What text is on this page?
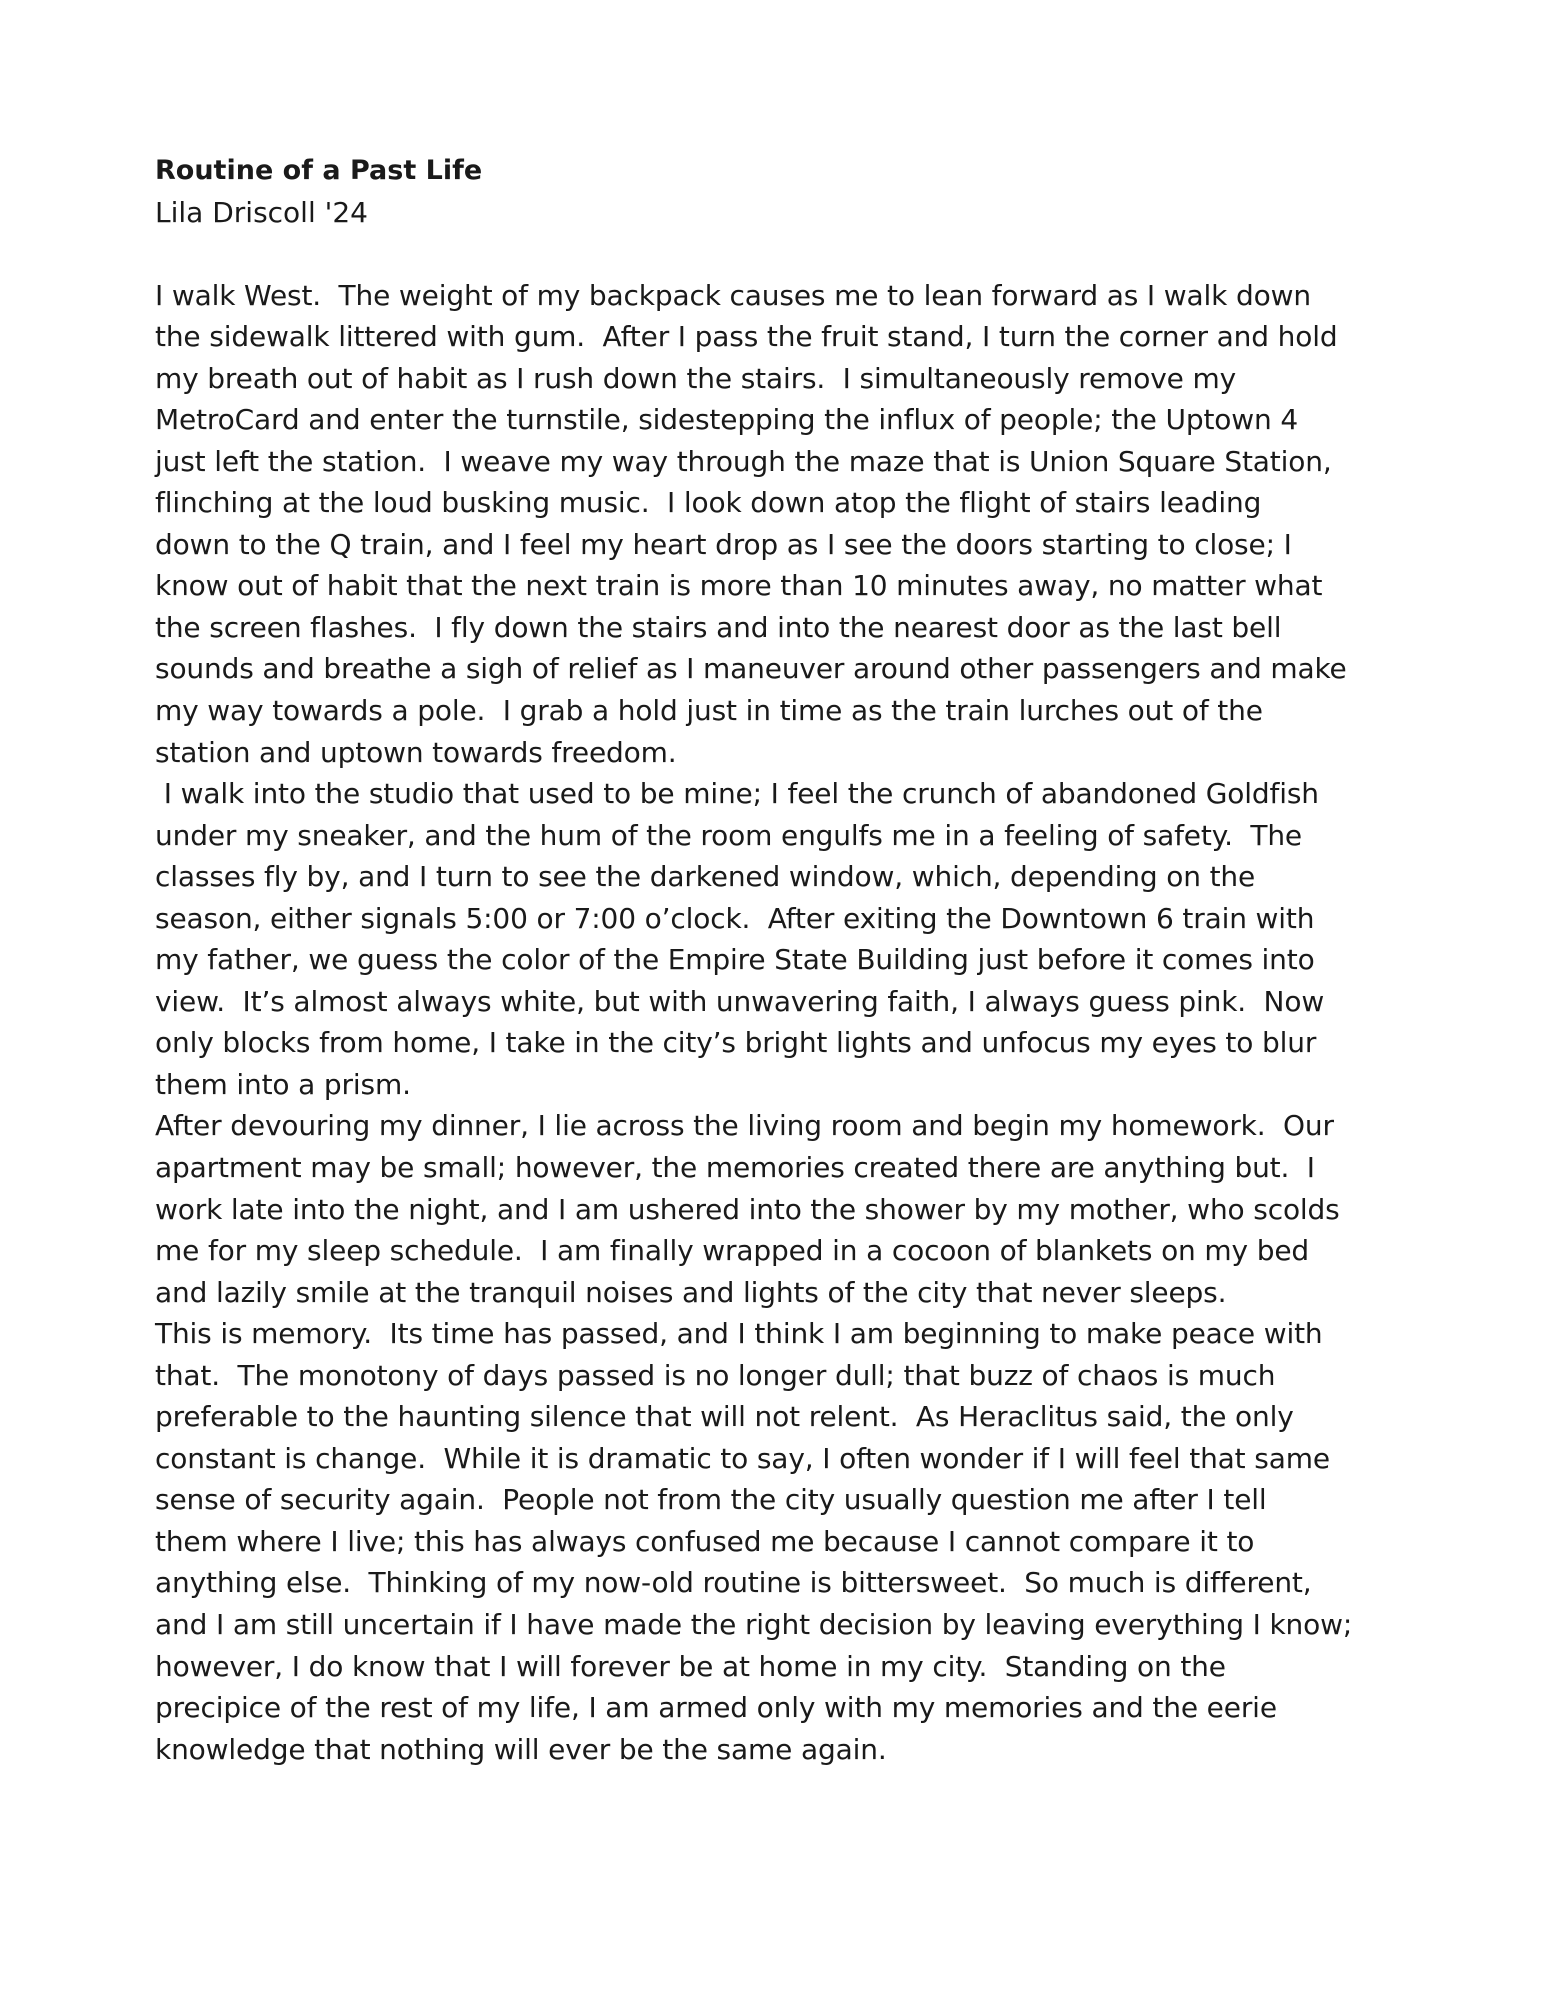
Routine of a Past Life
Lila Driscoll '24
I walk West.  The weight of my backpack causes me to lean forward as I walk down
the sidewalk littered with gum.  After I pass the fruit stand, I turn the corner and hold
my breath out of habit as I rush down the stairs.  I simultaneously remove my
MetroCard and enter the turnstile, sidestepping the influx of people; the Uptown 4
just left the station.  I weave my way through the maze that is Union Square Station,
flinching at the loud busking music.  I look down atop the flight of stairs leading
down to the Q train, and I feel my heart drop as I see the doors starting to close; I
know out of habit that the next train is more than 10 minutes away, no matter what
the screen flashes.  I fly down the stairs and into the nearest door as the last bell
sounds and breathe a sigh of relief as I maneuver around other passengers and make
my way towards a pole.  I grab a hold just in time as the train lurches out of the
station and uptown towards freedom.
I walk into the studio that used to be mine; I feel the crunch of abandoned Goldfish
under my sneaker, and the hum of the room engulfs me in a feeling of safety.  The
classes fly by, and I turn to see the darkened window, which, depending on the
season, either signals 5:00 or 7:00 o’clock.  After exiting the Downtown 6 train with
my father, we guess the color of the Empire State Building just before it comes into
view.  It’s almost always white, but with unwavering faith, I always guess pink.  Now
only blocks from home, I take in the city’s bright lights and unfocus my eyes to blur
them into a prism.
After devouring my dinner, I lie across the living room and begin my homework.  Our
apartment may be small; however, the memories created there are anything but.  I
work late into the night, and I am ushered into the shower by my mother, who scolds
me for my sleep schedule.  I am finally wrapped in a cocoon of blankets on my bed
and lazily smile at the tranquil noises and lights of the city that never sleeps.
This is memory.  Its time has passed, and I think I am beginning to make peace with
that.  The monotony of days passed is no longer dull; that buzz of chaos is much
preferable to the haunting silence that will not relent.  As Heraclitus said, the only
constant is change.  While it is dramatic to say, I often wonder if I will feel that same
sense of security again.  People not from the city usually question me after I tell
them where I live; this has always confused me because I cannot compare it to
anything else.  Thinking of my now-old routine is bittersweet.  So much is different,
and I am still uncertain if I have made the right decision by leaving everything I know;
however, I do know that I will forever be at home in my city.  Standing on the
precipice of the rest of my life, I am armed only with my memories and the eerie
knowledge that nothing will ever be the same again.
